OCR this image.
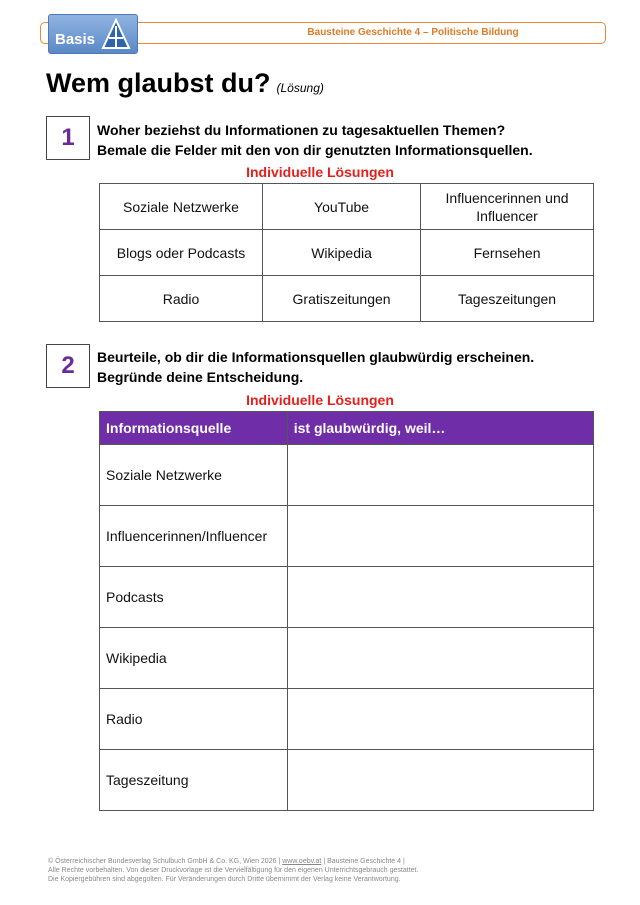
Bausteine Geschichte 4 – Politische Bildung
Basis
Wem glaubst du? (Lösung)
1	Woher beziehst du Informationen zu tagesaktuellen Themen?
Bemale die Felder mit den von dir genutzten Informationsquellen.
Individuelle Lösungen
Soziale Netzwerke	YouTube	Influencerinnen und Influencer
Blogs oder Podcasts	Wikipedia	Fernsehen
Radio	Gratiszeitungen	Tageszeitungen
2	Beurteile, ob dir die Informationsquellen glaubwürdig erscheinen.
Begründe deine Entscheidung.
Individuelle Lösungen
Informationsquelle	ist glaubwürdig, weil…
Soziale Netzwerke	
Influencerinnen/Influencer	
Podcasts	
Wikipedia	
Radio	
Tageszeitung	
© Österreichischer Bundesverlag Schulbuch GmbH & Co. KG, Wien 2026 | www.oebv.at | Bausteine Geschichte 4 |
Alle Rechte vorbehalten. Von dieser Druckvorlage ist die Vervielfältigung für den eigenen Unterrichtsgebrauch gestattet.
Die Kopiergebühren sind abgegolten. Für Veränderungen durch Dritte übernimmt der Verlag keine Verantwortung.
